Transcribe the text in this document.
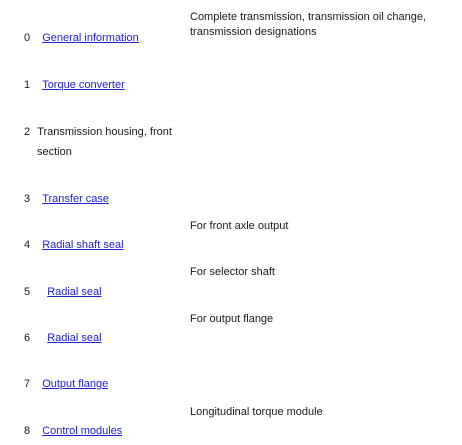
Complete transmission, transmission oil change, transmission designations
0 General information
1 Torque converter
2 Transmission housing, front
section
3 Transfer case
For front axle output
4 Radial shaft seal
For selector shaft
5 Radial seal
For output flange
6 Radial seal
7 Output flange
Longitudinal torque module
8 Control modules
